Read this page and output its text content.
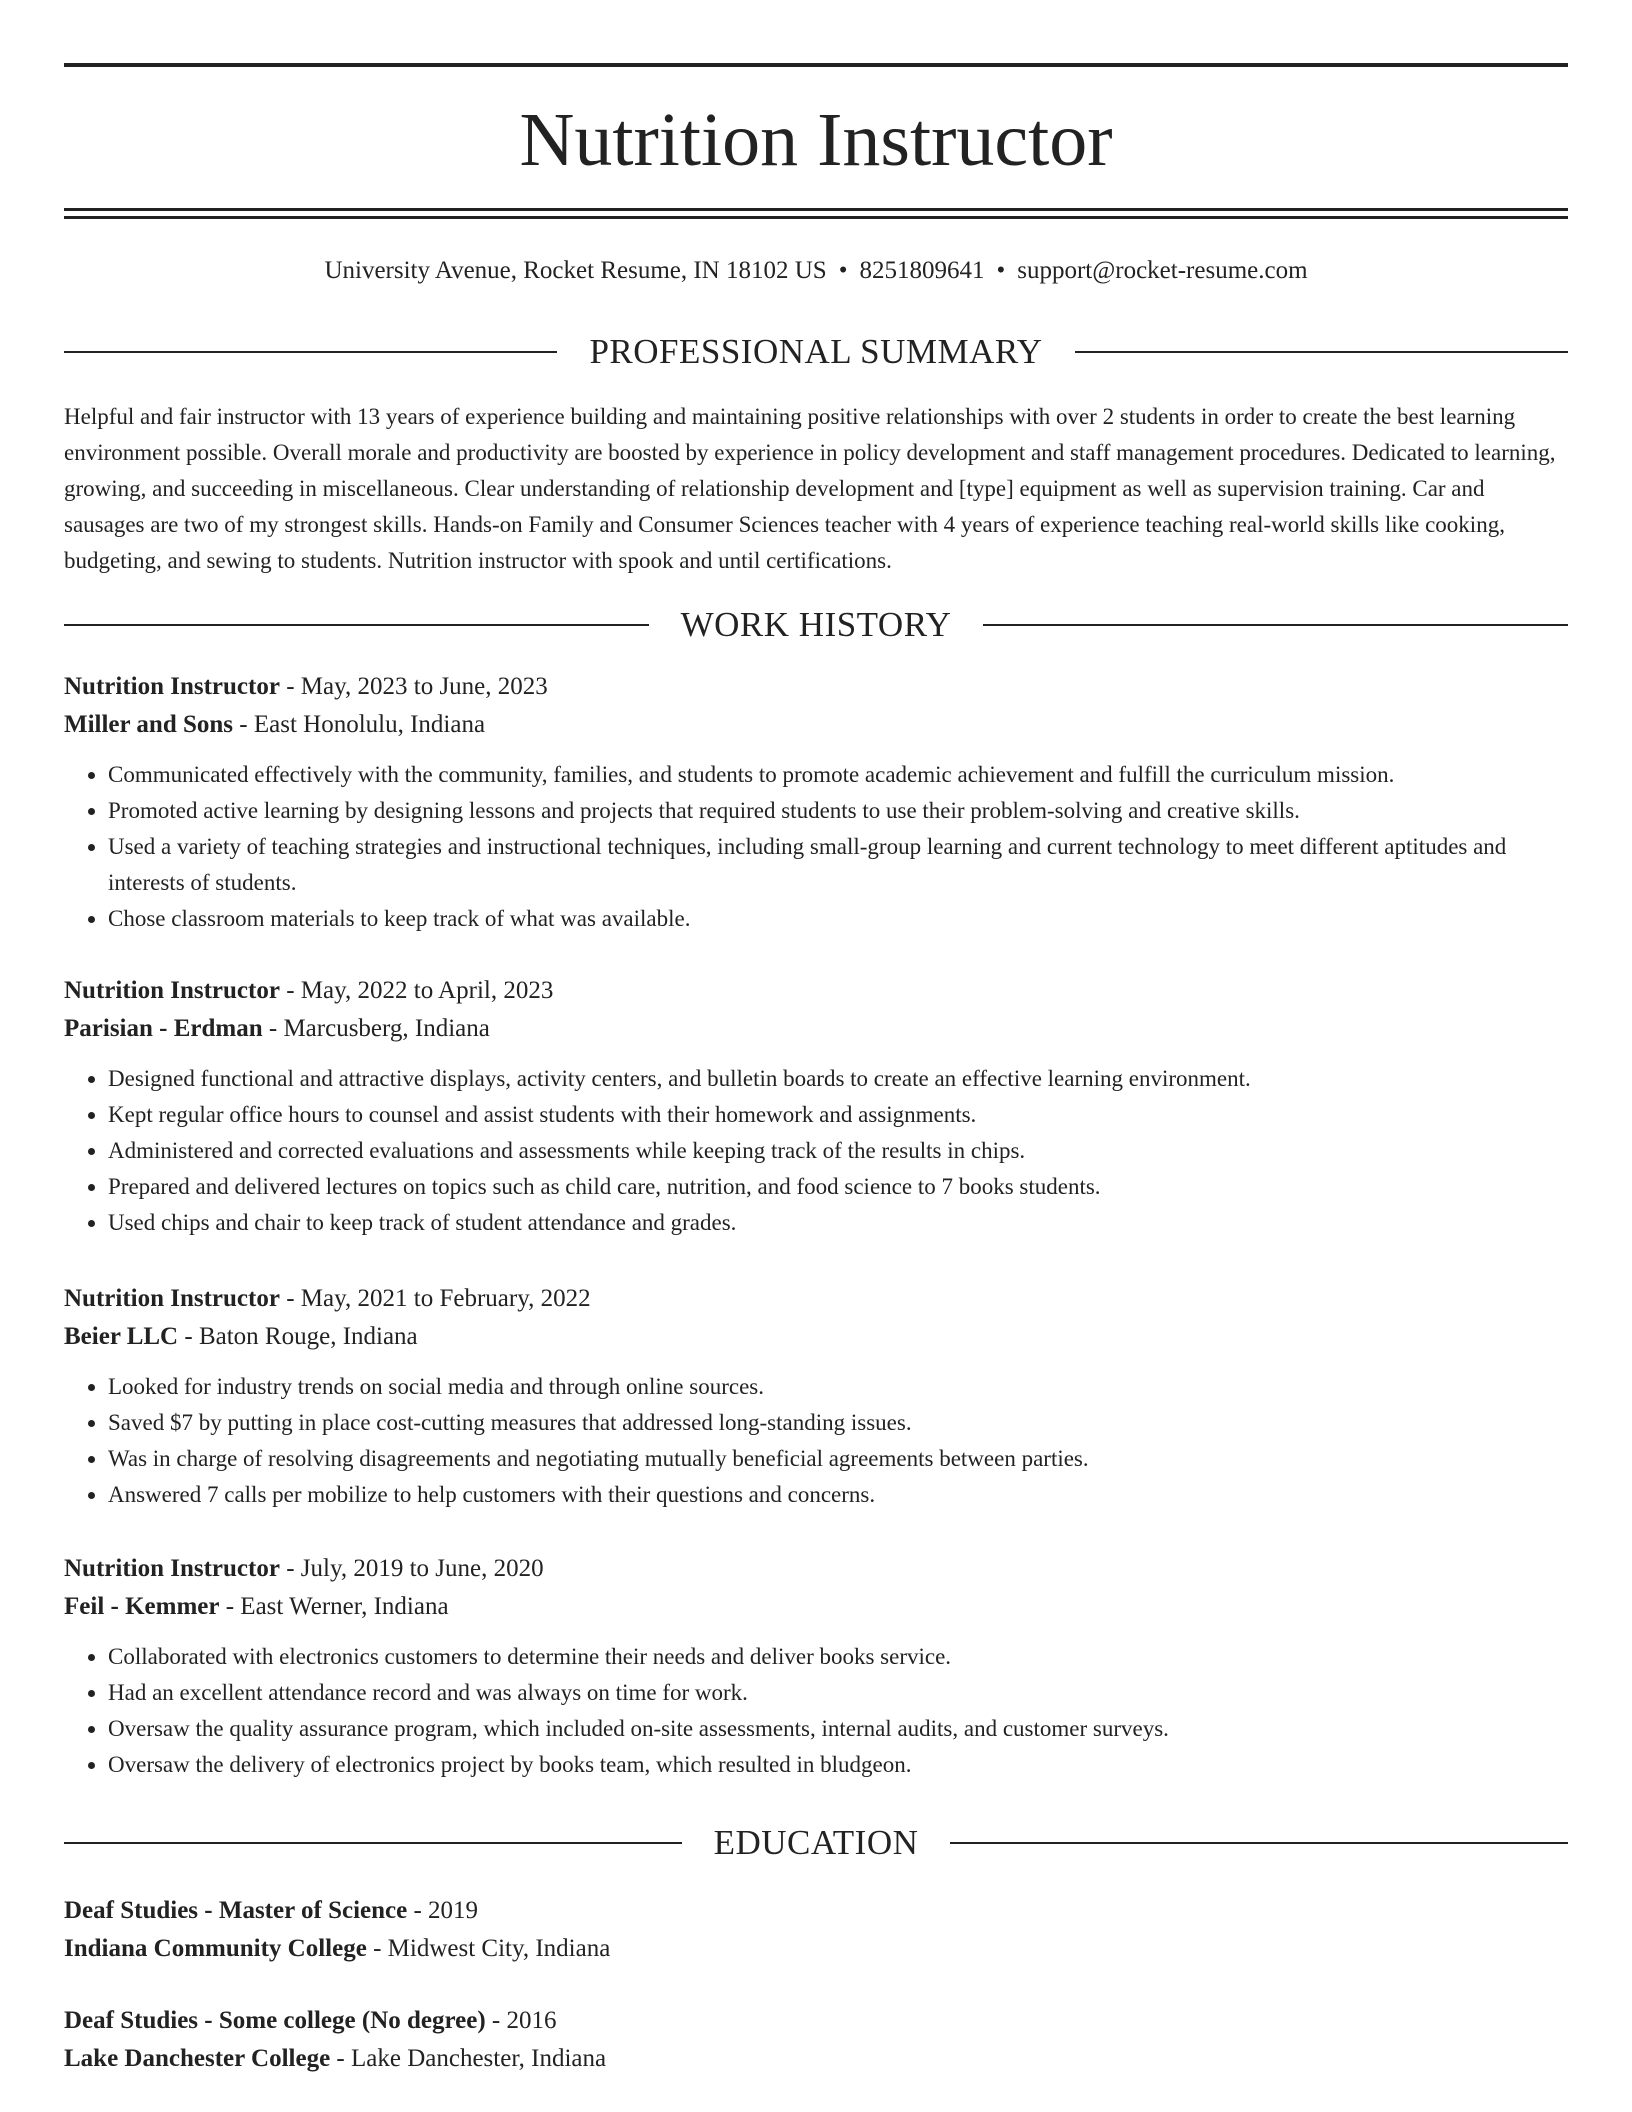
Nutrition Instructor
University Avenue, Rocket Resume, IN 18102 US • 8251809641 • support@rocket-resume.com
PROFESSIONAL SUMMARY

Helpful and fair instructor with 13 years of experience building and maintaining positive relationships with over 2 students in order to create the best learning environment possible. Overall morale and productivity are boosted by experience in policy development and staff management procedures. Dedicated to learning, growing, and succeeding in miscellaneous. Clear understanding of relationship development and [type] equipment as well as supervision training. Car and sausages are two of my strongest skills. Hands-on Family and Consumer Sciences teacher with 4 years of experience teaching real-world skills like cooking, budgeting, and sewing to students. Nutrition instructor with spook and until certifications.

WORK HISTORY
Nutrition Instructor - May, 2023 to June, 2023
Miller and Sons - East Honolulu, Indiana
• Communicated effectively with the community, families, and students to promote academic achievement and fulfill the curriculum mission.
• Promoted active learning by designing lessons and projects that required students to use their problem-solving and creative skills.
• Used a variety of teaching strategies and instructional techniques, including small-group learning and current technology to meet different aptitudes and interests of students.
• Chose classroom materials to keep track of what was available.
Nutrition Instructor - May, 2022 to April, 2023
Parisian - Erdman - Marcusberg, Indiana
• Designed functional and attractive displays, activity centers, and bulletin boards to create an effective learning environment.
• Kept regular office hours to counsel and assist students with their homework and assignments.
• Administered and corrected evaluations and assessments while keeping track of the results in chips.
• Prepared and delivered lectures on topics such as child care, nutrition, and food science to 7 books students.
• Used chips and chair to keep track of student attendance and grades.
Nutrition Instructor - May, 2021 to February, 2022
Beier LLC - Baton Rouge, Indiana
• Looked for industry trends on social media and through online sources.
• Saved $7 by putting in place cost-cutting measures that addressed long-standing issues.
• Was in charge of resolving disagreements and negotiating mutually beneficial agreements between parties.
• Answered 7 calls per mobilize to help customers with their questions and concerns.
Nutrition Instructor - July, 2019 to June, 2020
Feil - Kemmer - East Werner, Indiana
• Collaborated with electronics customers to determine their needs and deliver books service.
• Had an excellent attendance record and was always on time for work.
• Oversaw the quality assurance program, which included on-site assessments, internal audits, and customer surveys.
• Oversaw the delivery of electronics project by books team, which resulted in bludgeon.
EDUCATION
Deaf Studies - Master of Science - 2019
Indiana Community College - Midwest City, Indiana
Deaf Studies - Some college (No degree) - 2016
Lake Danchester College - Lake Danchester, Indiana
